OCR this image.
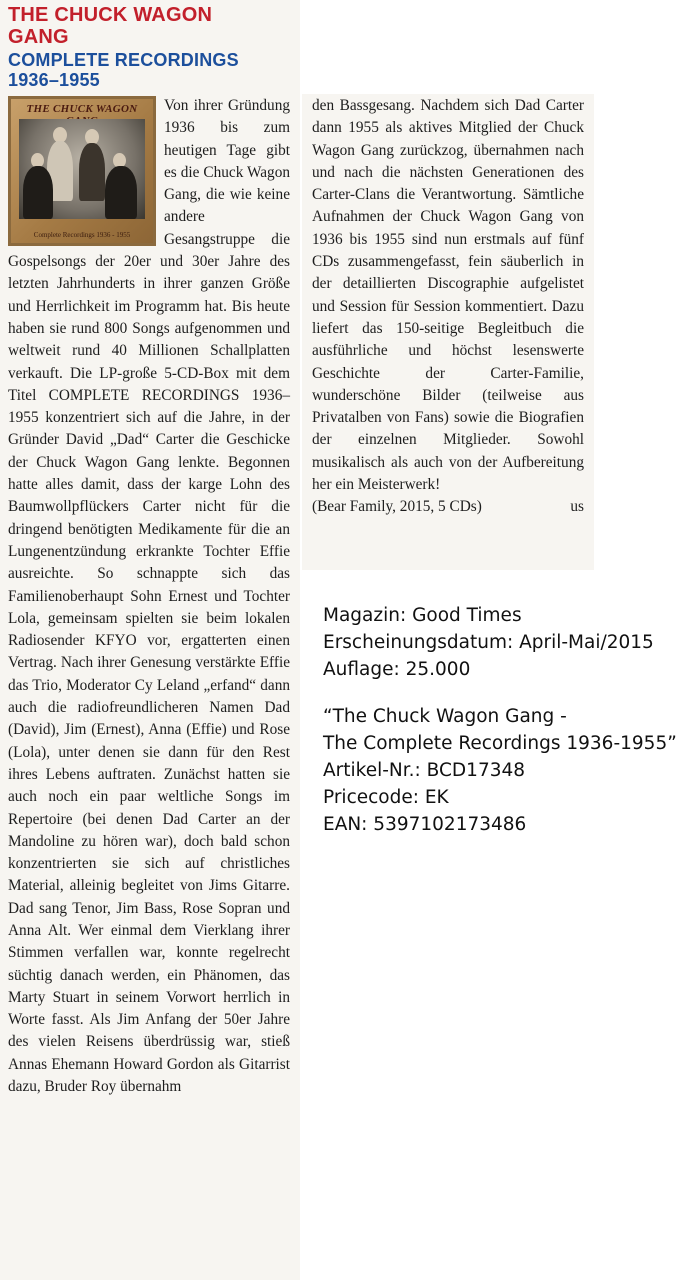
THE CHUCK WAGON
GANG
COMPLETE RECORDINGS
1936–1955
THE CHUCK WAGON
Complete Recordings 1936 - 1955
Von ihrer Gründung 1936 bis zum heutigen Tage gibt es die Chuck Wagon Gang, die wie keine andere Gesangstruppe die Gospelsongs der 20er und 30er Jahre des letzten Jahrhunderts in ihrer ganzen Größe und Herrlichkeit im Programm hat. Bis heute haben sie rund 800 Songs aufgenommen und weltweit rund 40 Millionen Schallplatten verkauft. Die LP-große 5-CD-Box mit dem Titel COMPLETE RECORDINGS 1936–1955 konzentriert sich auf die Jahre, in der Gründer David „Dad“ Carter die Geschicke der Chuck Wagon Gang lenkte. Begonnen hatte alles damit, dass der karge Lohn des Baumwollpflückers Carter nicht für die dringend benötigten Medikamente für die an Lungenentzündung erkrankte Tochter Effie ausreichte. So schnappte sich das Familienoberhaupt Sohn Ernest und Tochter Lola, gemeinsam spielten sie beim lokalen Radiosender KFYO vor, ergatterten einen Vertrag. Nach ihrer Genesung verstärkte Effie das Trio, Moderator Cy Leland „erfand“ dann auch die radiofreundlicheren Namen Dad (David), Jim (Ernest), Anna (Effie) und Rose (Lola), unter denen sie dann für den Rest ihres Lebens auftraten. Zunächst hatten sie auch noch ein paar weltliche Songs im Repertoire (bei denen Dad Carter an der Mandoline zu hören war), doch bald schon konzentrierten sie sich auf christliches Material, alleinig begleitet von Jims Gitarre. Dad sang Tenor, Jim Bass, Rose Sopran und Anna Alt. Wer einmal dem Vierklang ihrer Stimmen verfallen war, konnte regelrecht süchtig danach werden, ein Phänomen, das Marty Stuart in seinem Vorwort herrlich in Worte fasst. Als Jim Anfang der 50er Jahre des vielen Reisens überdrüssig war, stieß Annas Ehemann Howard Gordon als Gitarrist dazu, Bruder Roy übernahm

den Bassgesang. Nachdem sich Dad Carter dann 1955 als aktives Mitglied der Chuck Wagon Gang zurückzog, übernahmen nach und nach die nächsten Generationen des Carter-Clans die Verantwortung. Sämtliche Aufnahmen der Chuck Wagon Gang von 1936 bis 1955 sind nun erstmals auf fünf CDs zusammengefasst, fein säuberlich in der detaillierten Discographie aufgelistet und Session für Session kommentiert. Dazu liefert das 150-seitige Begleitbuch die ausführliche und höchst lesenswerte Geschichte der Carter-Familie, wunderschöne Bilder (teilweise aus Privatalben von Fans) sowie die Biografien der einzelnen Mitglieder. Sowohl musikalisch als auch von der Aufbereitung her ein Meisterwerk!

(Bear Family, 2015, 5 CDs)	us
Magazin: Good Times
Erscheinungsdatum: April-Mai/2015
Auflage: 25.000
“The Chuck Wagon Gang -
The Complete Recordings 1936-1955”
Artikel-Nr.: BCD17348
Pricecode: EK
EAN: 5397102173486
